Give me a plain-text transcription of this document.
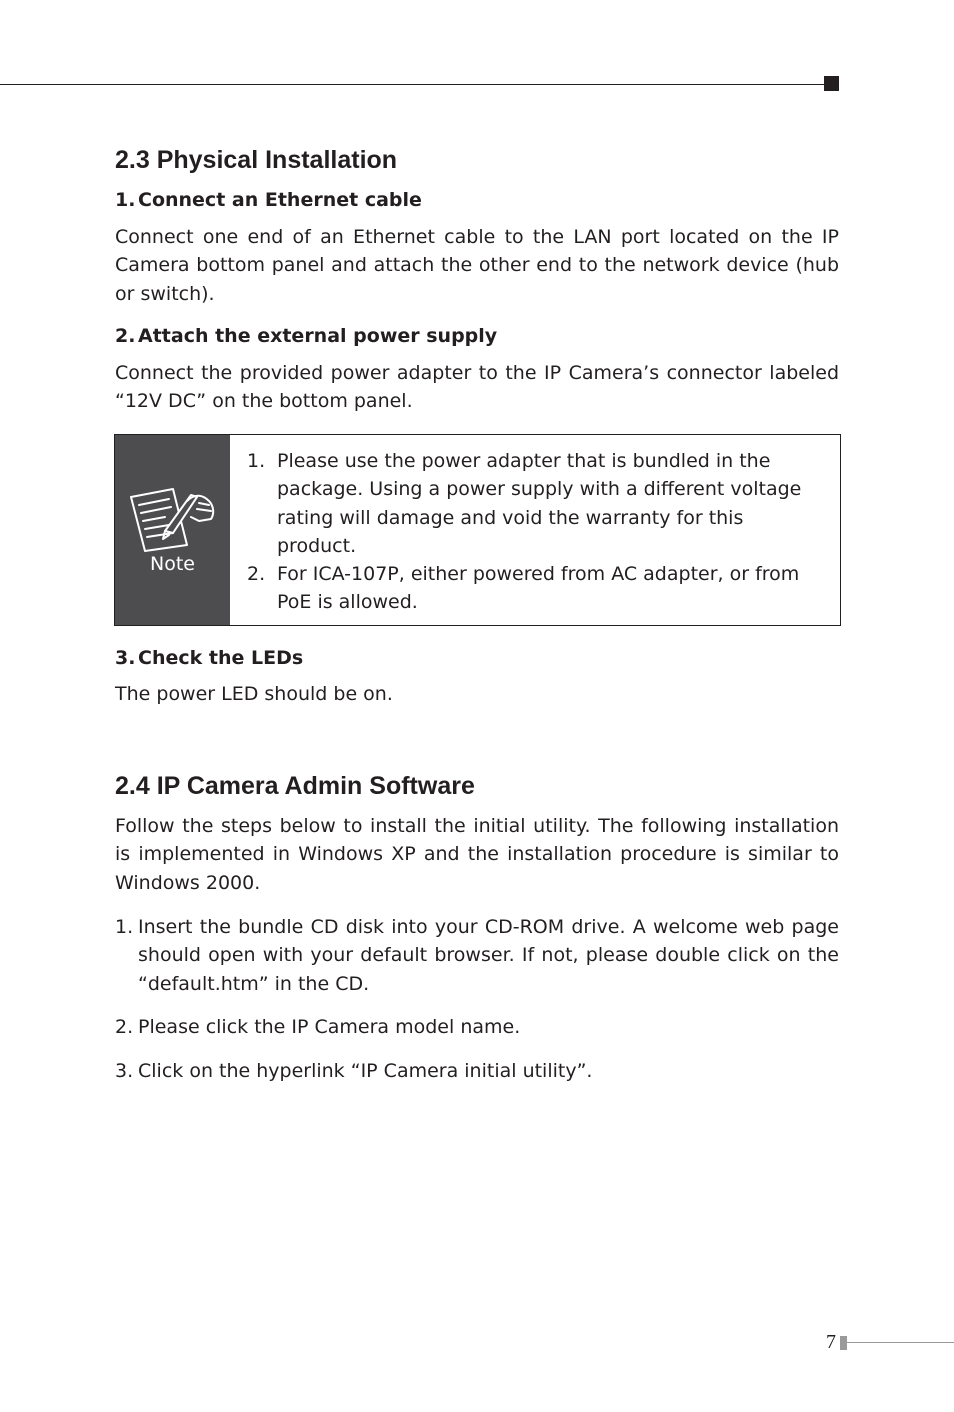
2.3 Physical Installation
1. Connect an Ethernet cable

Connect one end of an Ethernet cable to the LAN port located on the IP Camera bottom panel and attach the other end to the network device (hub or switch).

2. Attach the external power supply

Connect the provided power adapter to the IP Camera’s connector labeled “12V DC” on the bottom panel.

3. Check the LEDs

The power LED should be on.

2.4 IP Camera Admin Software

Follow the steps below to install the initial utility. The following installation is implemented in Windows XP and the installation procedure is similar to Windows 2000.

1. Insert the bundle CD disk into your CD-ROM drive. A welcome web page should open with your default browser. If not, please double click on the “default.htm” in the CD.
2. Please click the IP Camera model name.
3. Click on the hyperlink “IP Camera initial utility”.
Note
1. Please use the power adapter that is bundled in the package. Using a power supply with a different voltage rating will damage and void the warranty for this product.
2. For ICA-107P, either powered from AC adapter, or from PoE is allowed.
7
